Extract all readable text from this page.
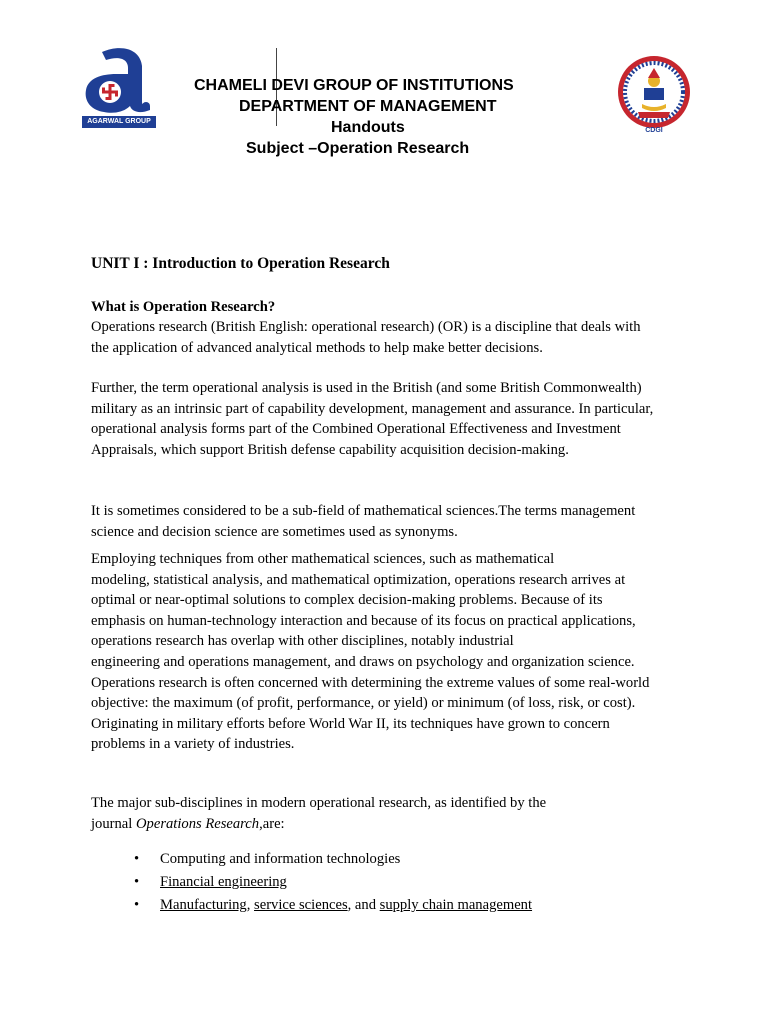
AGARWAL GROUP
CDGI
CHAMELI DEVI GROUP OF INSTITUTIONS
DEPARTMENT OF MANAGEMENT
Handouts
Subject –Operation Research
UNIT I : Introduction to Operation Research
What is Operation Research?
Operations research (British English: operational research) (OR) is a discipline that deals with
the application of advanced analytical methods to help make better decisions.
Further, the term operational analysis is used in the British (and some British Commonwealth)
military as an intrinsic part of capability development, management and assurance. In particular,
operational analysis forms part of the Combined Operational Effectiveness and Investment
Appraisals, which support British defense capability acquisition decision-making.
It is sometimes considered to be a sub-field of mathematical sciences.The terms management
science and decision science are sometimes used as synonyms.
Employing techniques from other mathematical sciences, such as mathematical
modeling, statistical analysis, and mathematical optimization, operations research arrives at
optimal or near-optimal solutions to complex decision-making problems. Because of its
emphasis on human-technology interaction and because of its focus on practical applications,
operations research has overlap with other disciplines, notably industrial
engineering and operations management, and draws on psychology and organization science.
Operations research is often concerned with determining the extreme values of some real-world
objective: the maximum (of profit, performance, or yield) or minimum (of loss, risk, or cost).
Originating in military efforts before World War II, its techniques have grown to concern
problems in a variety of industries.
The major sub-disciplines in modern operational research, as identified by the
journal Operations Research,are:
• Computing and information technologies
• Financial engineering
• Manufacturing, service sciences, and supply chain management
